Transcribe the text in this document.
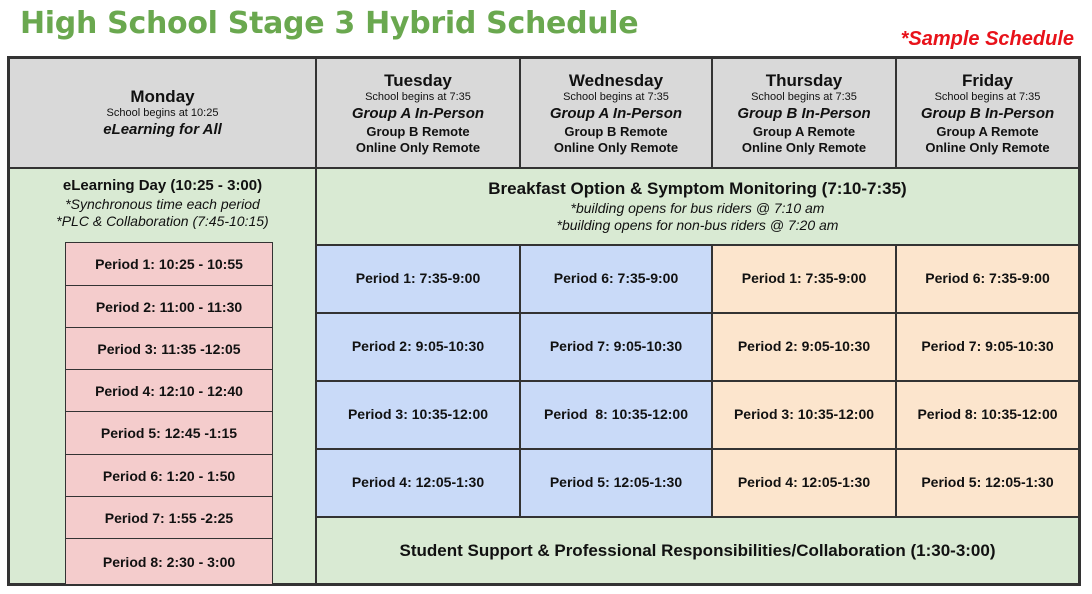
High School Stage 3 Hybrid Schedule	*Sample Schedule
Monday
School begins at 10:25
eLearning for All
Tuesday
School begins at 7:35
Group A In-Person
Group B Remote
Online Only Remote
Wednesday
School begins at 7:35
Group A In-Person
Group B Remote
Online Only Remote
Thursday
School begins at 7:35
Group B In-Person
Group A Remote
Online Only Remote
Friday
School begins at 7:35
Group B In-Person
Group A Remote
Online Only Remote
eLearning Day (10:25 - 3:00)
*Synchronous time each period
*PLC & Collaboration (7:45-10:15)
Period 1: 10:25 - 10:55
Period 2: 11:00 - 11:30
Period 3: 11:35 -12:05
Period 4: 12:10 - 12:40
Period 5: 12:45 -1:15
Period 6: 1:20 - 1:50
Period 7: 1:55 -2:25
Period 8: 2:30 - 3:00
Breakfast Option & Symptom Monitoring (7:10-7:35)
*building opens for bus riders @ 7:10 am
*building opens for non-bus riders @ 7:20 am
Period 1: 7:35-9:00
Period 2: 9:05-10:30
Period 3: 10:35-12:00
Period 4: 12:05-1:30
Period 6: 7:35-9:00
Period 7: 9:05-10:30
Period  8: 10:35-12:00
Period 5: 12:05-1:30
Period 1: 7:35-9:00
Period 2: 9:05-10:30
Period 3: 10:35-12:00
Period 4: 12:05-1:30
Period 6: 7:35-9:00
Period 7: 9:05-10:30
Period 8: 10:35-12:00
Period 5: 12:05-1:30
Student Support & Professional Responsibilities/Collaboration (1:30-3:00)
